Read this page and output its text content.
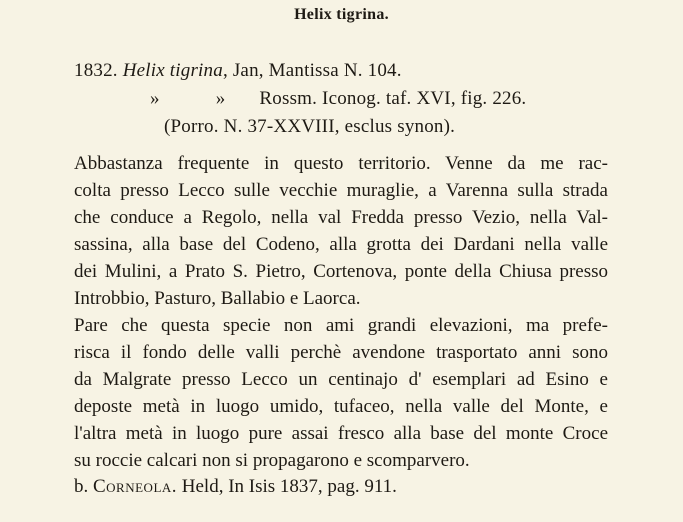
Helix tigrina.
1832. Helix tigrina, Jan, Mantissa N. 104.
»	» Rossm. Iconog. taf. XVI, fig. 226.
(Porro. N. 37-XXVIII, esclus synon).
Abbastanza frequente in questo territorio. Venne da me rac-
colta presso Lecco sulle vecchie muraglie, a Varenna sulla strada
che conduce a Regolo, nella val Fredda presso Vezio, nella Val-
sassina, alla base del Codeno, alla grotta dei Dardani nella valle
dei Mulini, a Prato S. Pietro, Cortenova, ponte della Chiusa presso
Introbbio, Pasturo, Ballabio e Laorca.
Pare che questa specie non ami grandi elevazioni, ma prefe-
risca il fondo delle valli perchè avendone trasportato anni sono
da Malgrate presso Lecco un centinajo d' esemplari ad Esino e
deposte metà in luogo umido, tufaceo, nella valle del Monte, e
l'altra metà in luogo pure assai fresco alla base del monte Croce
su roccie calcari non si propagarono e scomparvero.
b. Corneola. Held, In Isis 1837, pag. 911.
